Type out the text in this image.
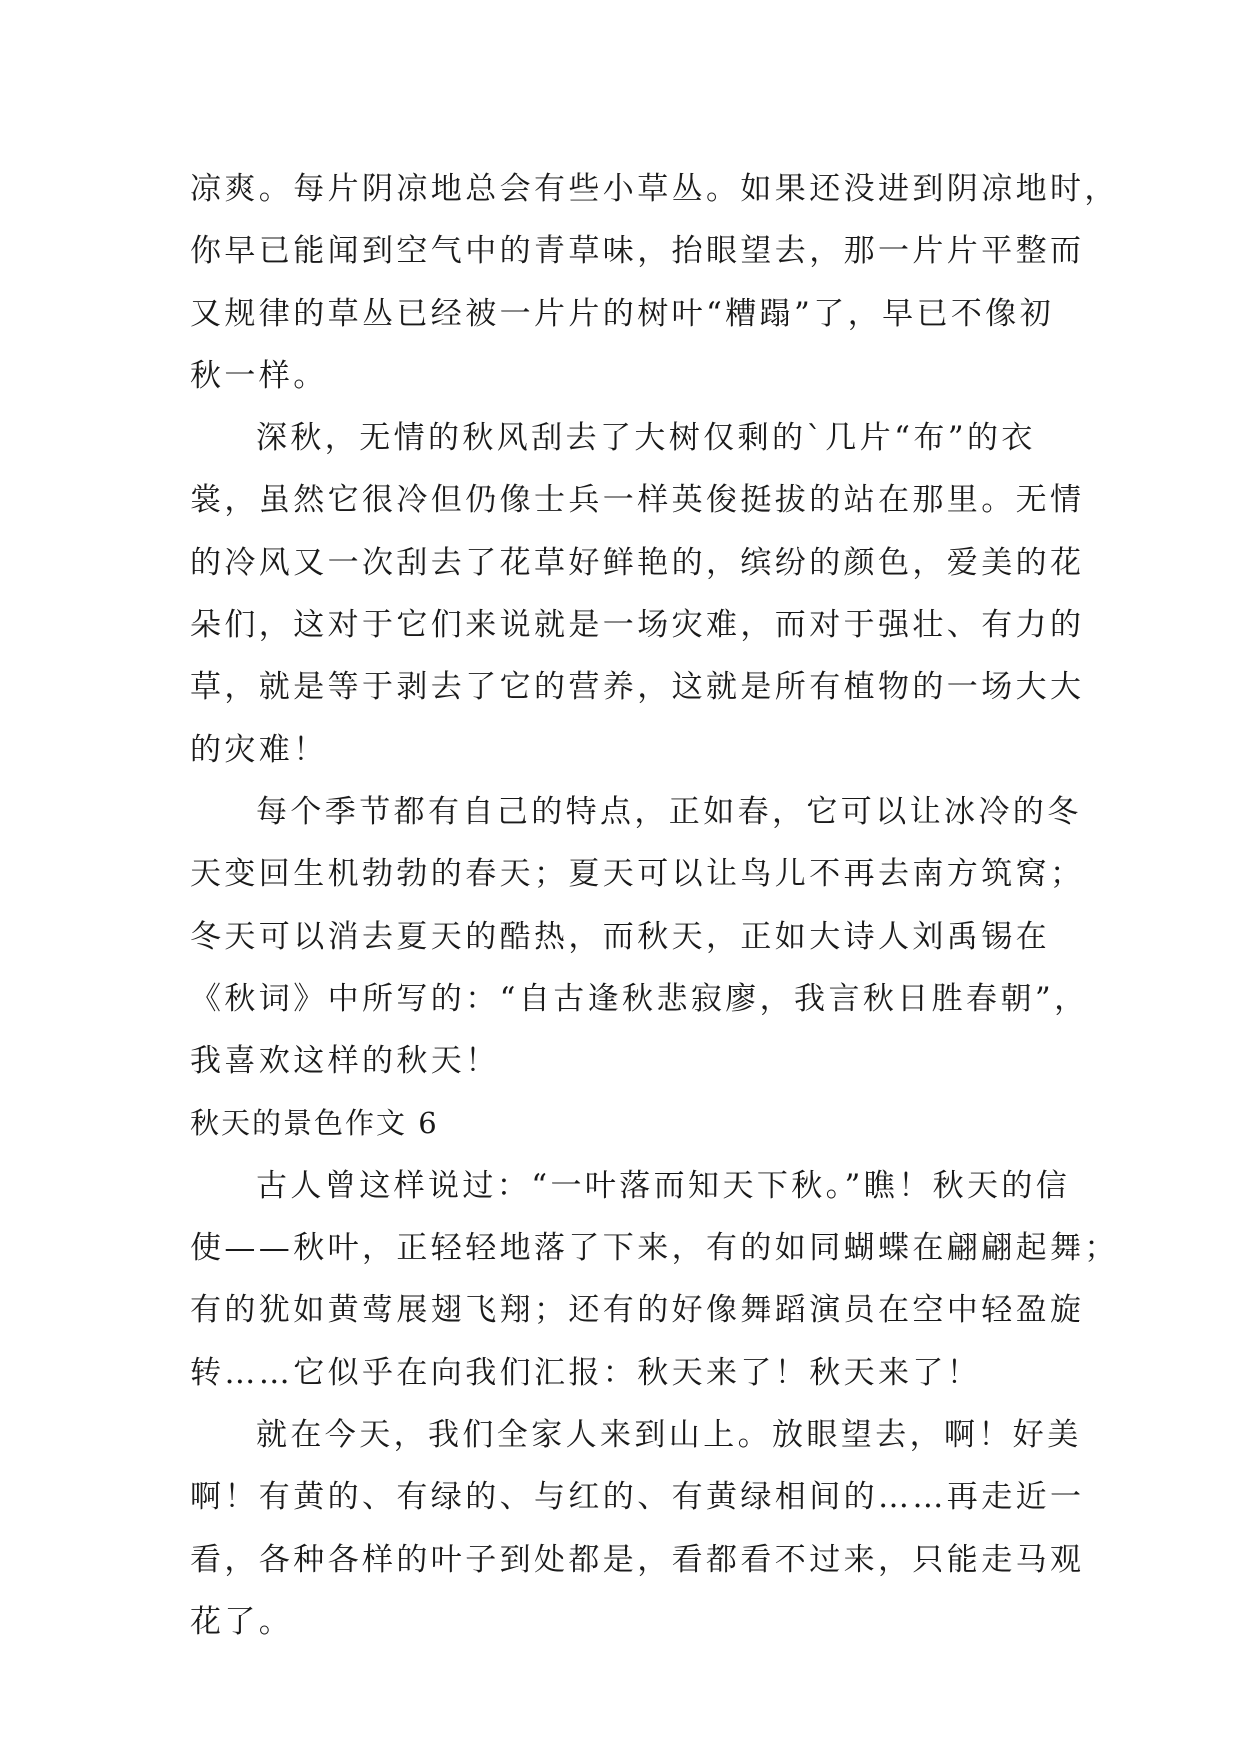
凉爽。每片阴凉地总会有些小草丛。如果还没进到阴凉地时，
你早已能闻到空气中的青草味，抬眼望去，那一片片平整而
又规律的草丛已经被一片片的树叶“糟蹋”了，早已不像初
秋一样。
深秋，无情的秋风刮去了大树仅剩的`几片“布”的衣
裳，虽然它很冷但仍像士兵一样英俊挺拔的站在那里。无情
的冷风又一次刮去了花草好鲜艳的，缤纷的颜色，爱美的花
朵们，这对于它们来说就是一场灾难，而对于强壮、有力的
草，就是等于剥去了它的营养，这就是所有植物的一场大大
的灾难！
每个季节都有自己的特点，正如春，它可以让冰冷的冬
天变回生机勃勃的春天；夏天可以让鸟儿不再去南方筑窝；
冬天可以消去夏天的酷热，而秋天，正如大诗人刘禹锡在
《秋词》中所写的：“自古逢秋悲寂廖，我言秋日胜春朝”，
我喜欢这样的秋天！
秋天的景色作文 6
古人曾这样说过：“一叶落而知天下秋。”瞧！秋天的信
使——秋叶，正轻轻地落了下来，有的如同蝴蝶在翩翩起舞；
有的犹如黄莺展翅飞翔；还有的好像舞蹈演员在空中轻盈旋
转……它似乎在向我们汇报：秋天来了！秋天来了！
就在今天，我们全家人来到山上。放眼望去，啊！好美
啊！有黄的、有绿的、与红的、有黄绿相间的……再走近一
看，各种各样的叶子到处都是，看都看不过来，只能走马观
花了。
